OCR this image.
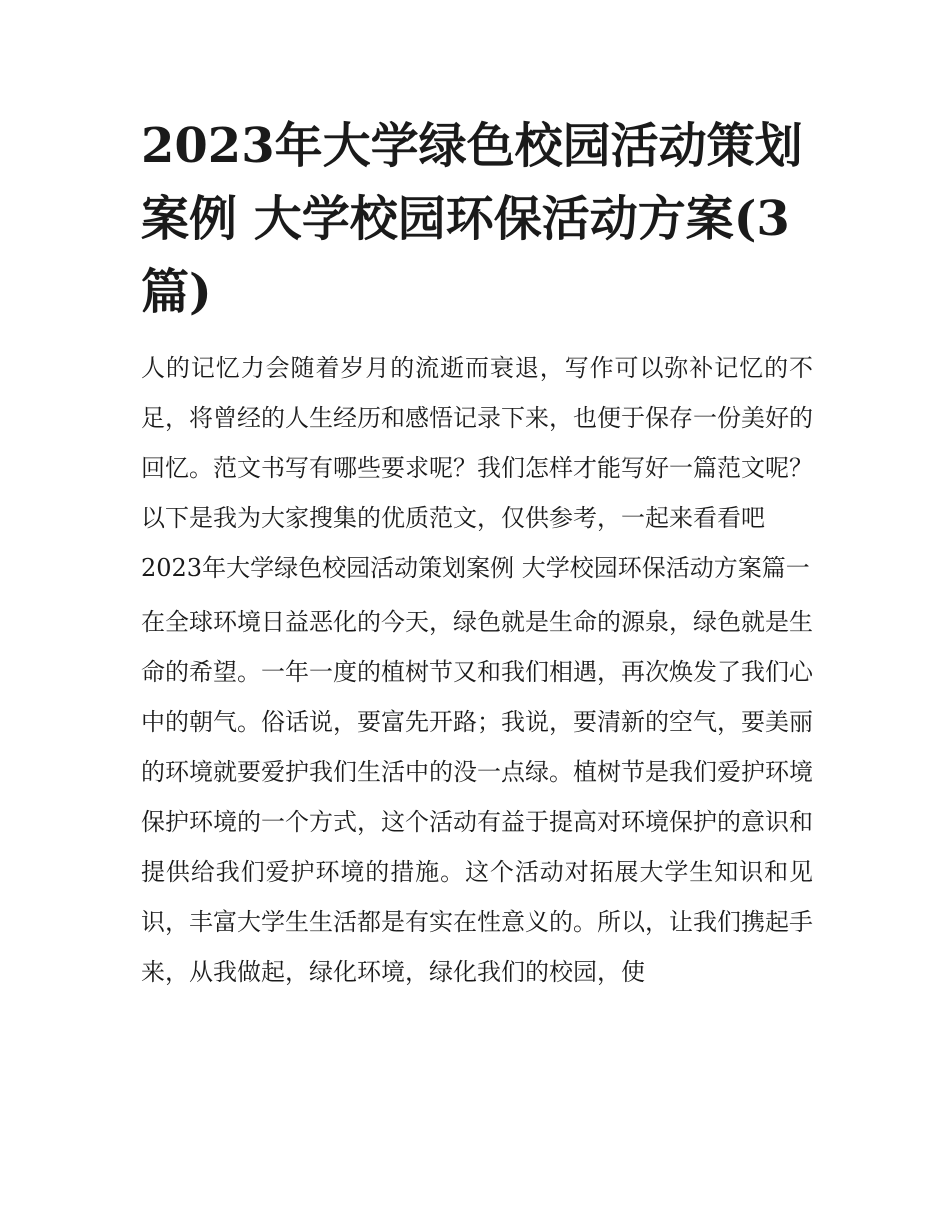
2023年大学绿色校园活动策划案例 大学校园环保活动方案(3篇)

人的记忆力会随着岁月的流逝而衰退，写作可以弥补记忆的不足，将曾经的人生经历和感悟记录下来，也便于保存一份美好的回忆。范文书写有哪些要求呢？我们怎样才能写好一篇范文呢？以下是我为大家搜集的优质范文，仅供参考，一起来看看吧

2023年大学绿色校园活动策划案例 大学校园环保活动方案篇一

在全球环境日益恶化的今天，绿色就是生命的源泉，绿色就是生命的希望。一年一度的植树节又和我们相遇，再次焕发了我们心中的朝气。俗话说，要富先开路；我说，要清新的空气，要美丽的环境就要爱护我们生活中的没一点绿。植树节是我们爱护环境保护环境的一个方式，这个活动有益于提高对环境保护的意识和提供给我们爱护环境的措施。这个活动对拓展大学生知识和见识，丰富大学生生活都是有实在性意义的。所以，让我们携起手来，从我做起，绿化环境，绿化我们的校园，使
